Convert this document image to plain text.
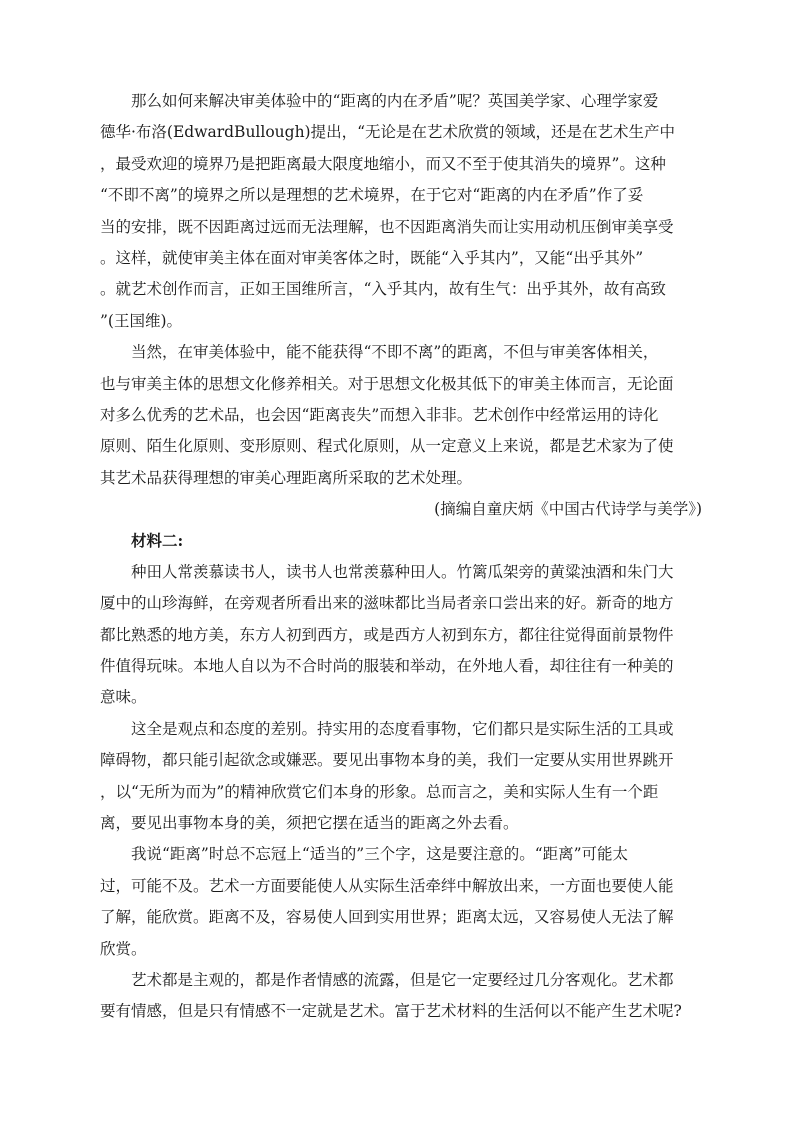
那么如何来解决审美体验中的“距离的内在矛盾”呢？英国美学家、心理学家爱
德华·布洛(EdwardBullough)提出，“无论是在艺术欣赏的领域，还是在艺术生产中
，最受欢迎的境界乃是把距离最大限度地缩小，而又不至于使其消失的境界”。这种
“不即不离”的境界之所以是理想的艺术境界，在于它对“距离的内在矛盾”作了妥
当的安排，既不因距离过远而无法理解，也不因距离消失而让实用动机压倒审美享受
。这样，就使审美主体在面对审美客体之时，既能“入乎其内”，又能“出乎其外”
。就艺术创作而言，正如王国维所言，“入乎其内，故有生气：出乎其外，故有高致
”(王国维)。
当然，在审美体验中，能不能获得“不即不离”的距离，不但与审美客体相关，
也与审美主体的思想文化修养相关。对于思想文化极其低下的审美主体而言，无论面
对多么优秀的艺术品，也会因“距离丧失”而想入非非。艺术创作中经常运用的诗化
原则、陌生化原则、变形原则、程式化原则，从一定意义上来说，都是艺术家为了使
其艺术品获得理想的审美心理距离所采取的艺术处理。
(摘编自童庆炳《中国古代诗学与美学》)
材料二:
种田人常羡慕读书人，读书人也常羡慕种田人。竹篱瓜架旁的黄粱浊酒和朱门大
厦中的山珍海鲜，在旁观者所看出来的滋味都比当局者亲口尝出来的好。新奇的地方
都比熟悉的地方美，东方人初到西方，或是西方人初到东方，都往往觉得面前景物件
件值得玩味。本地人自以为不合时尚的服装和举动，在外地人看，却往往有一种美的
意味。
这全是观点和态度的差别。持实用的态度看事物，它们都只是实际生活的工具或
障碍物，都只能引起欲念或嫌恶。要见出事物本身的美，我们一定要从实用世界跳开
，以“无所为而为”的精神欣赏它们本身的形象。总而言之，美和实际人生有一个距
离，要见出事物本身的美，须把它摆在适当的距离之外去看。
我说“距离”时总不忘冠上“适当的”三个字，这是要注意的。“距离”可能太
过，可能不及。艺术一方面要能使人从实际生活牵绊中解放出来，一方面也要使人能
了解，能欣赏。距离不及，容易使人回到实用世界；距离太远，又容易使人无法了解
欣赏。
艺术都是主观的，都是作者情感的流露，但是它一定要经过几分客观化。艺术都
要有情感，但是只有情感不一定就是艺术。富于艺术材料的生活何以不能产生艺术呢?
